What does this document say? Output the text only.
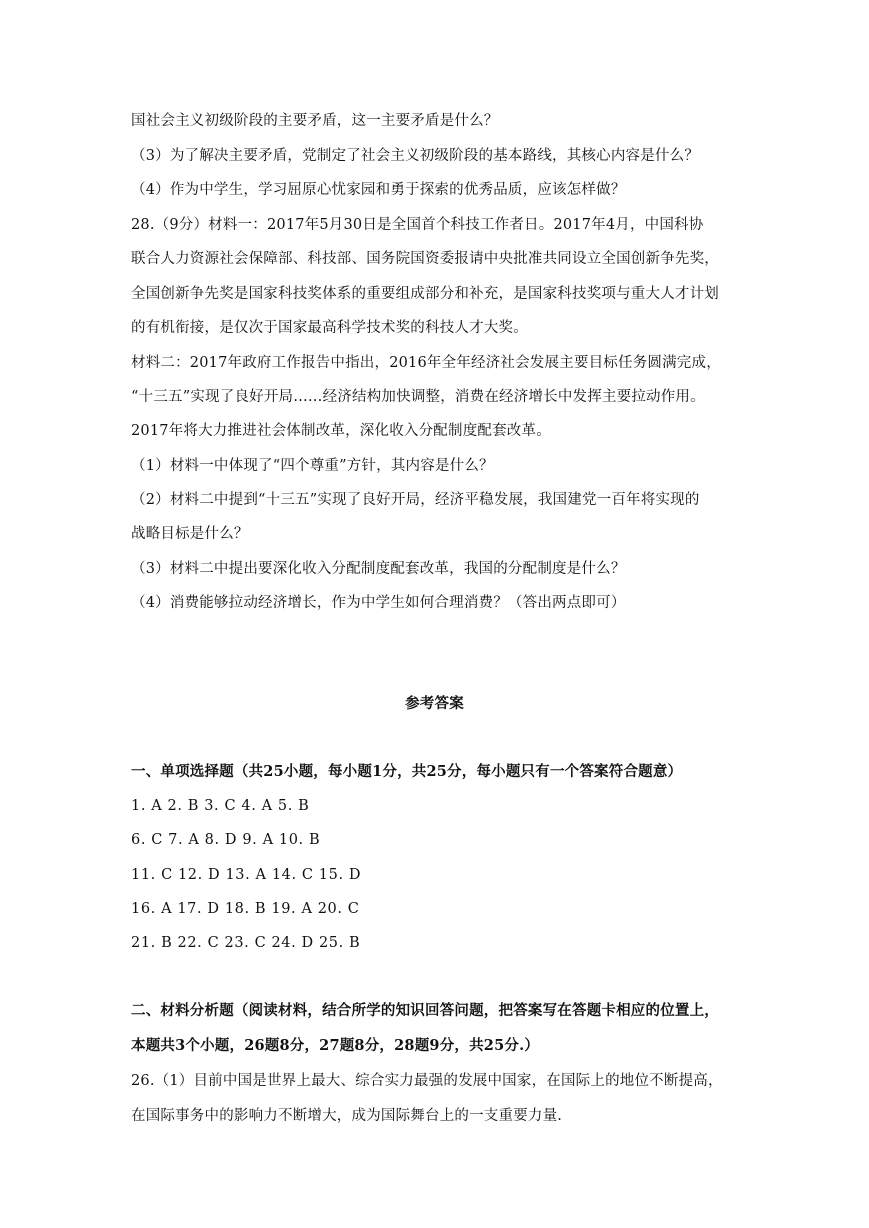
国社会主义初级阶段的主要矛盾，这一主要矛盾是什么？
（3）为了解决主要矛盾，党制定了社会主义初级阶段的基本路线，其核心内容是什么？
（4）作为中学生，学习屈原心忧家园和勇于探索的优秀品质，应该怎样做？
28.（9分）材料一：2017年5月30日是全国首个科技工作者日。2017年4月，中国科协
联合人力资源社会保障部、科技部、国务院国资委报请中央批准共同设立全国创新争先奖，
全国创新争先奖是国家科技奖体系的重要组成部分和补充，是国家科技奖项与重大人才计划
的有机衔接，是仅次于国家最高科学技术奖的科技人才大奖。
材料二：2017年政府工作报告中指出，2016年全年经济社会发展主要目标任务圆满完成，
“十三五”实现了良好开局……经济结构加快调整，消费在经济增长中发挥主要拉动作用。
2017年将大力推进社会体制改革，深化收入分配制度配套改革。
（1）材料一中体现了“四个尊重”方针，其内容是什么？
（2）材料二中提到“十三五”实现了良好开局，经济平稳发展，我国建党一百年将实现的
战略目标是什么？
（3）材料二中提出要深化收入分配制度配套改革，我国的分配制度是什么？
（4）消费能够拉动经济增长，作为中学生如何合理消费？（答出两点即可）
参考答案
一、单项选择题（共25小题，每小题1分，共25分，每小题只有一个答案符合题意）
1. A 2. B 3. C 4. A 5. B
6. C 7. A 8. D 9. A 10. B
11. C 12. D 13. A 14. C 15. D
16. A 17. D 18. B 19. A 20. C
21. B 22. C 23. C 24. D 25. B
二、材料分析题（阅读材料，结合所学的知识回答问题，把答案写在答题卡相应的位置上，
本题共3个小题，26题8分，27题8分，28题9分，共25分.）
26.（1）目前中国是世界上最大、综合实力最强的发展中国家，在国际上的地位不断提高，
在国际事务中的影响力不断增大，成为国际舞台上的一支重要力量.
